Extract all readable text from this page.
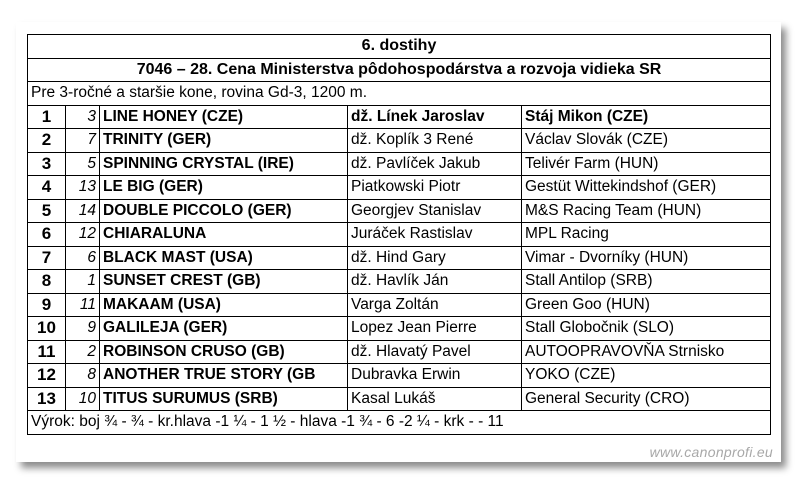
6. dostihy				
7046 – 28. Cena Ministerstva pôdohospodárstva a rozvoja vidieka SR				
Pre 3-ročné a staršie kone, rovina Gd-3, 1200 m.				
1	3	LINE HONEY (CZE)	dž. Línek Jaroslav	Stáj Mikon (CZE)
2	7	TRINITY (GER)	dž. Koplík 3 René	Václav Slovák (CZE)
3	5	SPINNING CRYSTAL (IRE)	dž. Pavlíček Jakub	Telivér Farm (HUN)
4	13	LE BIG (GER)	Piatkowski Piotr	Gestüt Wittekindshof (GER)
5	14	DOUBLE PICCOLO (GER)	Georgjev Stanislav	M&S Racing Team (HUN)
6	12	CHIARALUNA	Juráček Rastislav	MPL Racing
7	6	BLACK MAST (USA)	dž. Hind Gary	Vimar - Dvorníky (HUN)
8	1	SUNSET CREST (GB)	dž. Havlík Ján	Stall Antilop (SRB)
9	11	MAKAAM (USA)	Varga Zoltán	Green Goo (HUN)
10	9	GALILEJA (GER)	Lopez Jean Pierre	Stall Globočnik (SLO)
11	2	ROBINSON CRUSO (GB)	dž. Hlavatý Pavel	AUTOOPRAVOVŇA Strnisko
12	8	ANOTHER TRUE STORY (GB	Dubravka Erwin	YOKO (CZE)
13	10	TITUS SURUMUS (SRB)	Kasal Lukáš	General Security (CRO)
Výrok: boj ¾ - ¾ - kr.hlava -1 ¼ - 1 ½ - hlava -1 ¾ - 6 -2 ¼ - krk - - 11				
www.canonprofi.eu
